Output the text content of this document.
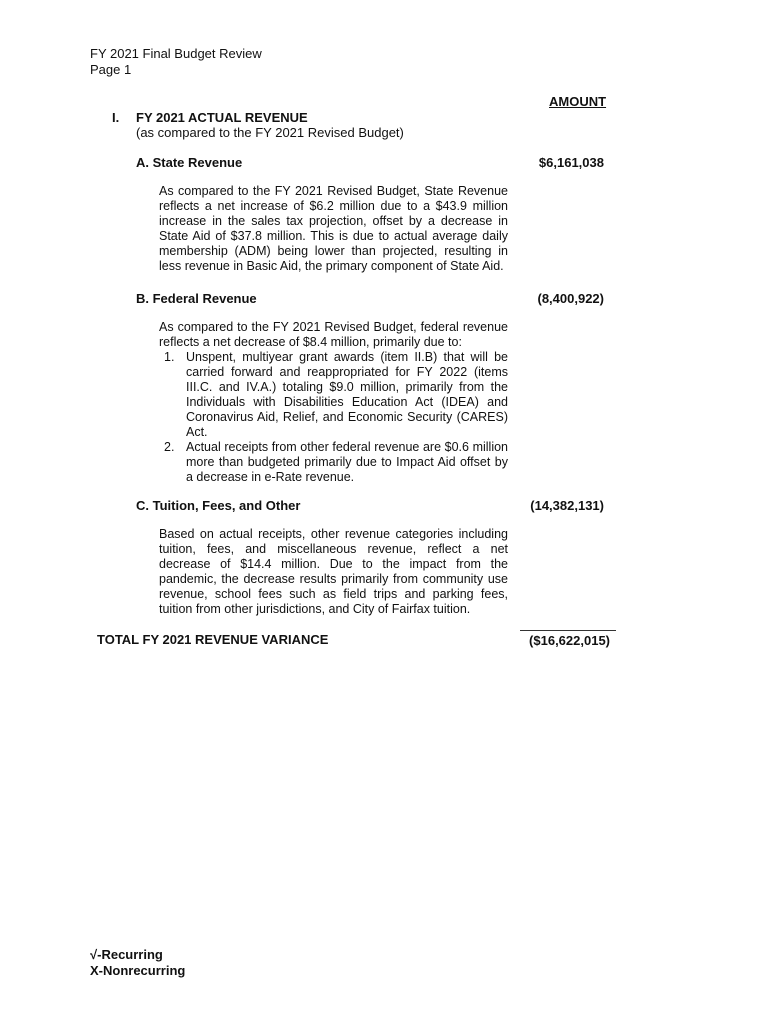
FY 2021 Final Budget Review
Page 1
AMOUNT
I. FY 2021 ACTUAL REVENUE
(as compared to the FY 2021 Revised Budget)
A. State Revenue	$6,161,038

As compared to the FY 2021 Revised Budget, State Revenue reflects a net increase of $6.2 million due to a $43.9 million increase in the sales tax projection, offset by a decrease in State Aid of $37.8 million. This is due to actual average daily membership (ADM) being lower than projected, resulting in less revenue in Basic Aid, the primary component of State Aid.

B. Federal Revenue	(8,400,922)

As compared to the FY 2021 Revised Budget, federal revenue reflects a net decrease of $8.4 million, primarily due to:

1. Unspent, multiyear grant awards (item II.B) that will be carried forward and reappropriated for FY 2022 (items III.C. and IV.A.) totaling $9.0 million, primarily from the Individuals with Disabilities Education Act (IDEA) and Coronavirus Aid, Relief, and Economic Security (CARES) Act.
2. Actual receipts from other federal revenue are $0.6 million more than budgeted primarily due to Impact Aid offset by a decrease in e-Rate revenue.
C. Tuition, Fees, and Other	(14,382,131)

Based on actual receipts, other revenue categories including tuition, fees, and miscellaneous revenue, reflect a net decrease of $14.4 million. Due to the impact from the pandemic, the decrease results primarily from community use revenue, school fees such as field trips and parking fees, tuition from other jurisdictions, and City of Fairfax tuition.

TOTAL FY 2021 REVENUE VARIANCE	($16,622,015)
√-Recurring
X-Nonrecurring
